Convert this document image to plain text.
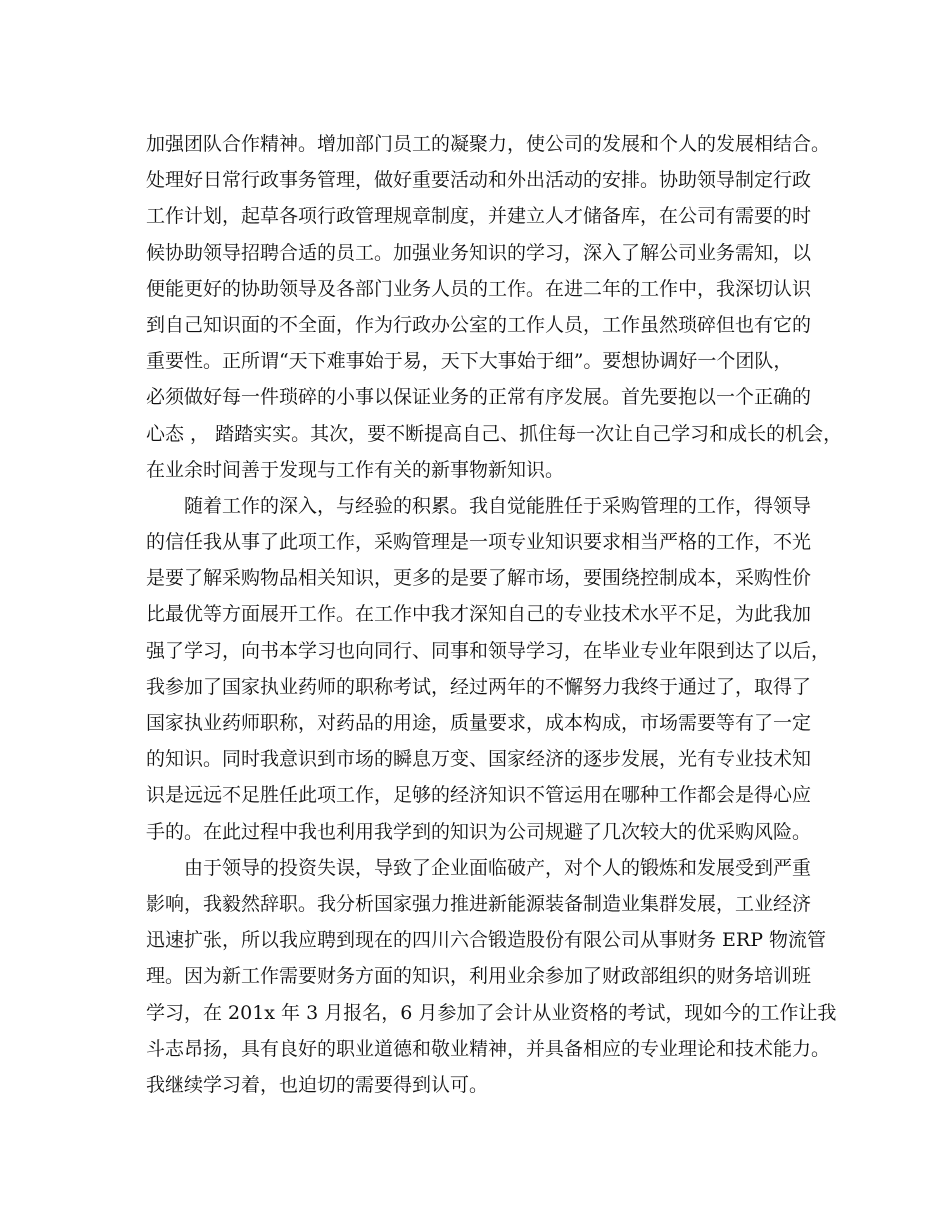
加强团队合作精神。增加部门员工的凝聚力，使公司的发展和个人的发展相结合。
处理好日常行政事务管理，做好重要活动和外出活动的安排。协助领导制定行政
工作计划，起草各项行政管理规章制度，并建立人才储备库，在公司有需要的时
候协助领导招聘合适的员工。加强业务知识的学习，深入了解公司业务需知，以
便能更好的协助领导及各部门业务人员的工作。在进二年的工作中，我深切认识
到自己知识面的不全面，作为行政办公室的工作人员，工作虽然琐碎但也有它的
重要性。正所谓“天下难事始于易，天下大事始于细”。要想协调好一个团队，
必须做好每一件琐碎的小事以保证业务的正常有序发展。首先要抱以一个正确的
心态 ， 踏踏实实。其次，要不断提高自己、抓住每一次让自己学习和成长的机会，
在业余时间善于发现与工作有关的新事物新知识。
随着工作的深入，与经验的积累。我自觉能胜任于采购管理的工作，得领导
的信任我从事了此项工作，采购管理是一项专业知识要求相当严格的工作，不光
是要了解采购物品相关知识，更多的是要了解市场，要围绕控制成本，采购性价
比最优等方面展开工作。在工作中我才深知自己的专业技术水平不足，为此我加
强了学习，向书本学习也向同行、同事和领导学习，在毕业专业年限到达了以后，
我参加了国家执业药师的职称考试，经过两年的不懈努力我终于通过了，取得了
国家执业药师职称，对药品的用途，质量要求，成本构成，市场需要等有了一定
的知识。同时我意识到市场的瞬息万变、国家经济的逐步发展，光有专业技术知
识是远远不足胜任此项工作，足够的经济知识不管运用在哪种工作都会是得心应
手的。在此过程中我也利用我学到的知识为公司规避了几次较大的优采购风险。
由于领导的投资失误，导致了企业面临破产，对个人的锻炼和发展受到严重
影响，我毅然辞职。我分析国家强力推进新能源装备制造业集群发展，工业经济
迅速扩张，所以我应聘到现在的四川六合锻造股份有限公司从事财务 ERP 物流管
理。因为新工作需要财务方面的知识，利用业余参加了财政部组织的财务培训班
学习，在 201x 年 3 月报名，6 月参加了会计从业资格的考试，现如今的工作让我
斗志昂扬，具有良好的职业道德和敬业精神，并具备相应的专业理论和技术能力。
我继续学习着，也迫切的需要得到认可。
